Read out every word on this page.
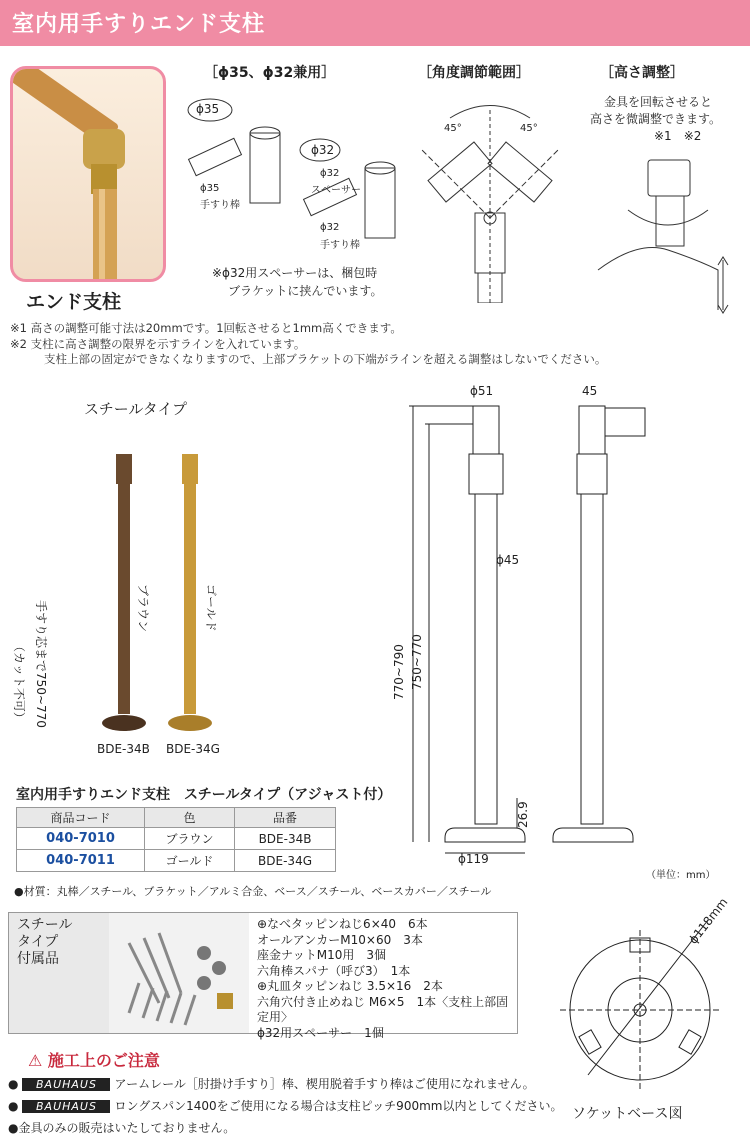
室内用手すりエンド支柱
エンド支柱
［ϕ35、ϕ32兼用］	［角度調節範囲］	［高さ調整］
ϕ35
ϕ35
手すり棒
ϕ32
ϕ32
スペーサー
ϕ32
手すり棒
※ϕ32用スペーサーは、梱包時
ブラケットに挟んでいます。
45°	45°
金具を回転させると
高さを微調整できます。
※1　※2
※1 高さの調整可能寸法は20mmです。1回転させると1mm高くできます。
※2 支柱に高さ調整の限界を示すラインを入れています。
支柱上部の固定ができなくなりますので、上部ブラケットの下端がラインを超える調整はしないでください。
スチールタイプ
手すり芯まで750~770
（カット不可）
ブラウン	ゴールド
BDE-34B BDE-34G
ϕ51	45
ϕ45
770~790 750~770
26.9
ϕ119
（単位：mm）
室内用手すりエンド支柱　スチールタイプ（アジャスト付）
商品コード	色	品番
040-7010	ブラウン	BDE-34B
040-7011	ゴールド	BDE-34G
●材質：丸棒／スチール、ブラケット／アルミ合金、ベース／スチール、ベースカバー／スチール
スチール
タイプ
付属品
⊕なべタッピンねじ6×40　6本
オールアンカーM10×60　3本
座金ナットM10用　3個
六角棒スパナ（呼び3）　1本
⊕丸皿タッピンねじ 3.5×16　2本
六角穴付き止めねじ M6×5　1本〈支柱上部固定用〉
ϕ32用スペーサー　1個
ϕ118mm
ソケットベース図
⚠ 施工上のご注意
● BAUHAUS アームレール［肘掛け手すり］棒、楔用脱着手すり棒はご使用になれません。
● BAUHAUS ロングスパン1400をご使用になる場合は支柱ピッチ900mm以内としてください。
●金具のみの販売はいたしておりません。
